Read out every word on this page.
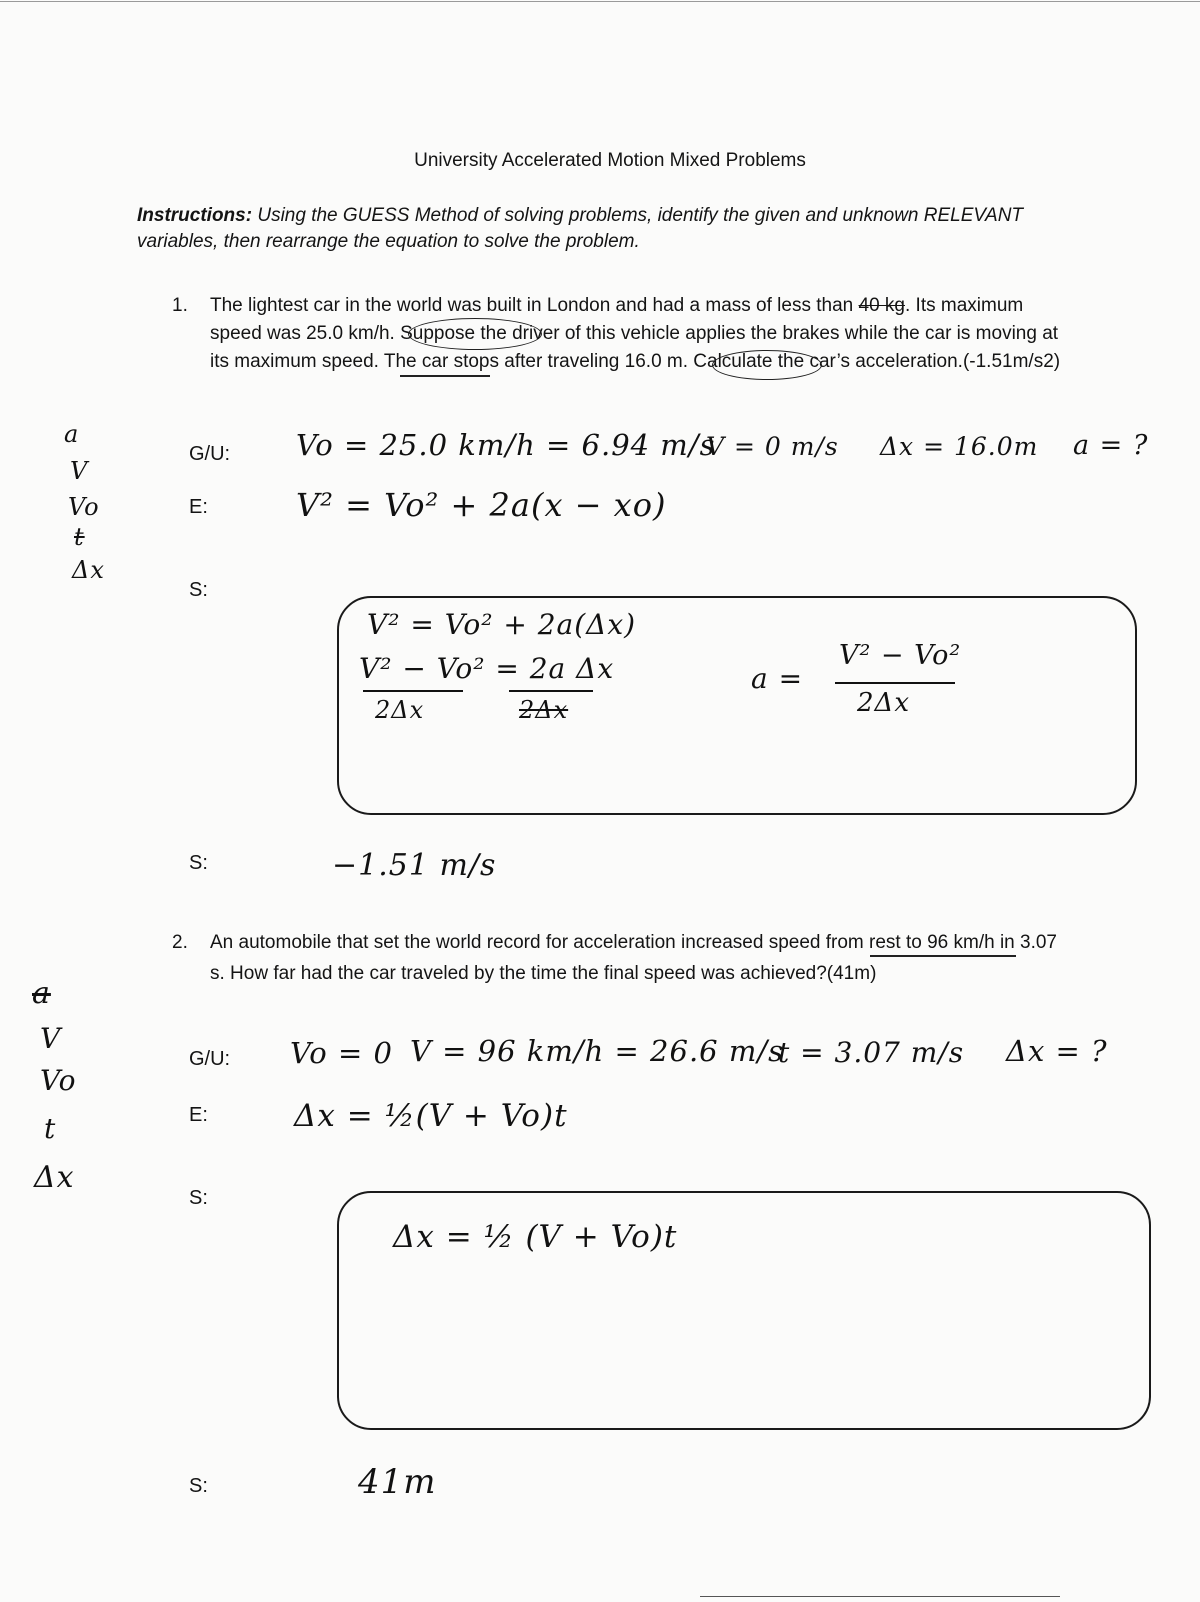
University Accelerated Motion Mixed Problems
Instructions: Using the GUESS Method of solving problems, identify the given and unknown RELEVANT variables, then rearrange the equation to solve the problem.
1. The lightest car in the world was built in London and had a mass of less than 40 kg. Its maximum speed was 25.0 km/h. Suppose the driver of this vehicle applies the brakes while the car is moving at its maximum speed. The car stops after traveling 16.0 m. Calculate the car’s acceleration.(-1.51m/s2)
a
V
Vo
t
Δx
G/U:
E:
S:
S:
Vo = 25.0 km/h = 6.94 m/s
V = 0 m/s Δx = 16.0m a = ?
V² = Vo² + 2a(x − xo)
V² = Vo² + 2a(Δx)
V² − Vo² = 2a Δx
2Δx	2Δx
a =
V² − Vo²
2Δx
−1.51 m/s
2. An automobile that set the world record for acceleration increased speed from rest to 96 km/h in 3.07 s. How far had the car traveled by the time the final speed was achieved?(41m)
a
V
Vo
t
Δx
G/U:
E:
S:
S:
Vo = 0 V = 96 km/h = 26.6 m/s
t = 3.07 m/s Δx = ?
Δx = ½(V + Vo)t
Δx = ½ (V + Vo)t
41m
